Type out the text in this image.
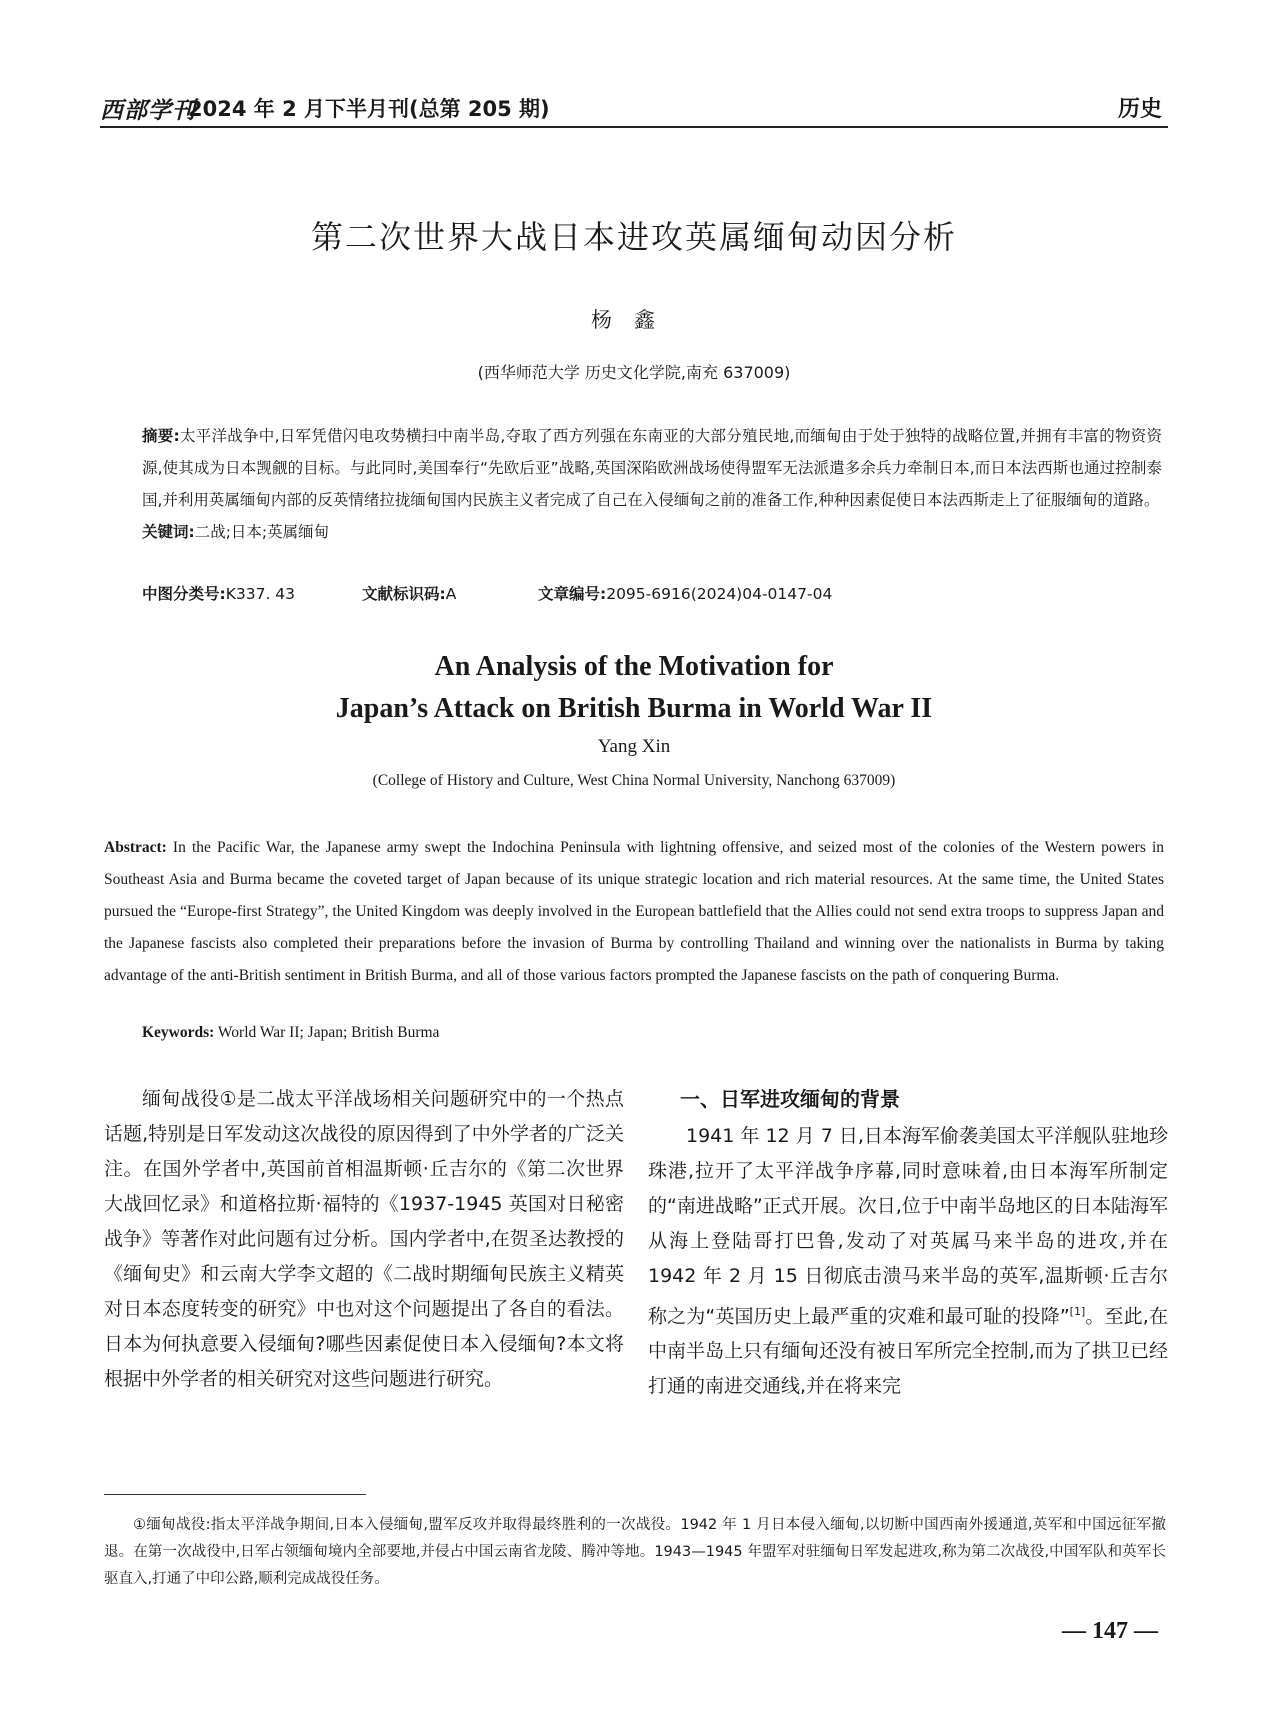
西部学刊
2024 年 2 月下半月刊(总第 205 期)	历史
第二次世界大战日本进攻英属缅甸动因分析
杨鑫
(西华师范大学 历史文化学院,南充 637009)
摘要:太平洋战争中,日军凭借闪电攻势横扫中南半岛,夺取了西方列强在东南亚的大部分殖民地,而缅甸由于处于独特的战略位置,并拥有丰富的物资资源,使其成为日本觊觎的目标。与此同时,美国奉行“先欧后亚”战略,英国深陷欧洲战场使得盟军无法派遣多余兵力牵制日本,而日本法西斯也通过控制泰国,并利用英属缅甸内部的反英情绪拉拢缅甸国内民族主义者完成了自己在入侵缅甸之前的准备工作,种种因素促使日本法西斯走上了征服缅甸的道路。
关键词:二战;日本;英属缅甸
中图分类号:K337. 43	文献标识码:A	文章编号:2095-6916(2024)04-0147-04
An Analysis of the Motivation for
Japan’s Attack on British Burma in World War II
Yang Xin
(College of History and Culture, West China Normal University, Nanchong 637009)
Abstract: In the Pacific War, the Japanese army swept the Indochina Peninsula with lightning offensive, and seized most of the colonies of the Western powers in Southeast Asia and Burma became the coveted target of Japan because of its unique strategic location and rich material resources. At the same time, the United States pursued the “Europe-first Strategy”, the United Kingdom was deeply involved in the European battlefield that the Allies could not send extra troops to suppress Japan and the Japanese fascists also completed their preparations before the invasion of Burma by controlling Thailand and winning over the nationalists in Burma by taking advantage of the anti-British sentiment in British Burma, and all of those various factors prompted the Japanese fascists on the path of conquering Burma.
Keywords: World War II; Japan; British Burma

缅甸战役①是二战太平洋战场相关问题研究中的一个热点话题,特别是日军发动这次战役的原因得到了中外学者的广泛关注。在国外学者中,英国前首相温斯顿·丘吉尔的《第二次世界大战回忆录》和道格拉斯·福特的《1937-1945 英国对日秘密战争》等著作对此问题有过分析。国内学者中,在贺圣达教授的《缅甸史》和云南大学李文超的《二战时期缅甸民族主义精英对日本态度转变的研究》中也对这个问题提出了各自的看法。日本为何执意要入侵缅甸?哪些因素促使日本入侵缅甸?本文将根据中外学者的相关研究对这些问题进行研究。

一、日军进攻缅甸的背景

1941 年 12 月 7 日,日本海军偷袭美国太平洋舰队驻地珍珠港,拉开了太平洋战争序幕,同时意味着,由日本海军所制定的“南进战略”正式开展。次日,位于中南半岛地区的日本陆海军从海上登陆哥打巴鲁,发动了对英属马来半岛的进攻,并在 1942 年 2 月 15 日彻底击溃马来半岛的英军,温斯顿·丘吉尔称之为“英国历史上最严重的灾难和最可耻的投降”[1]。至此,在中南半岛上只有缅甸还没有被日军所完全控制,而为了拱卫已经打通的南进交通线,并在将来完

①缅甸战役:指太平洋战争期间,日本入侵缅甸,盟军反攻并取得最终胜利的一次战役。1942 年 1 月日本侵入缅甸,以切断中国西南外援通道,英军和中国远征军撤退。在第一次战役中,日军占领缅甸境内全部要地,并侵占中国云南省龙陵、腾冲等地。1943—1945 年盟军对驻缅甸日军发起进攻,称为第二次战役,中国军队和英军长驱直入,打通了中印公路,顺利完成战役任务。
— 147 —
